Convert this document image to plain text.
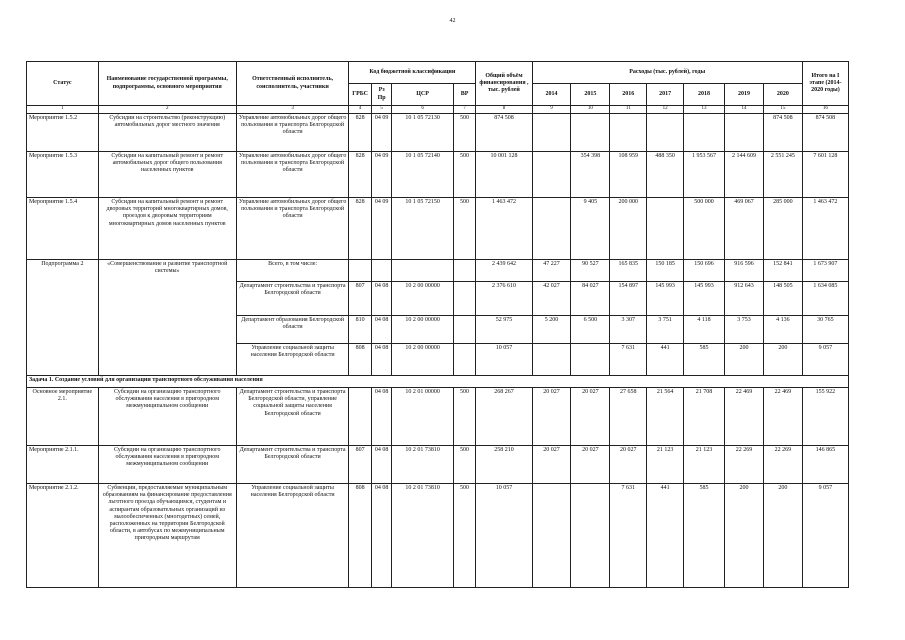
42
Статус	Наименование государственной программы, подпрограммы, основного мероприятия	Ответственный исполнитель, соисполнитель, участники	Код бюджетной классификации				Общий объём финансирования , тыс. рублей	Расходы (тыс. рублей), годы							Итого на I этапе (2014-2020 годы)
			ГРБС	Рз Пр	ЦСР	ВР		2014	2015	2016	2017	2018	2019	2020	
1	2	3	4	5	6	7	8	9	10	11	12	13	14	15	16
Мероприятие 1.5.2	Субсидии на строительство (реконструкцию) автомобильных дорог местного значения	Управление автомобильных дорог общего пользования и транспорта Белгородской области	828	04 09	10 1 05 72130	500	874 508							874 508	874 508
Мероприятие 1.5.3	Субсидии на капитальный ремонт и ремонт автомобильных дорог общего пользования населенных пунктов	Управление автомобильных дорог общего пользования и транспорта Белгородской области	828	04 09	10 1 05 72140	500	10 001 128		354 398	108 959	488 350	1 953 567	2 144 609	2 551 245	7 601 128
Мероприятие 1.5.4	Субсидии на капитальный ремонт и ремонт дворовых территорий многоквартирных домов, проездов к дворовым территориям многоквартирных домов населенных пунктов	Управление автомобильных дорог общего пользования и транспорта Белгородской области	828	04 09	10 1 05 72150	500	1 463 472		9 405	200 000		500 000	469 067	285 000	1 463 472
Подпрограмма 2	«Совершенствование и развитие транспортной системы»	Всего, в том числе:					2 439 642	47 227	90 527	165 835	150 185	150 696	916 596	152 841	1 673 907
		Департамент строительства и транспорта Белгородской области	807	04 08	10 2 00 00000		2 376 610	42 027	84 027	154 897	145 993	145 993	912 643	148 505	1 634 085
		Департамент образования Белгородской области	810	04 08	10 2 00 00000		52 975	5 200	6 500	3 307	3 751	4 118	3 753	4 136	30 765
		Управление социальной защиты населения Белгородской области	808	04 08	10 2 00 00000		10 057			7 631	441	585	200	200	9 057
Задача 1. Создание условий для организации транспортного обслуживания населения															
Основное мероприятие 2.1.	Субсидии на организацию транспортного обслуживания населения в пригородном межмуниципальном сообщении	Департамент строительства и транспорта Белгородской области, управление социальной защиты населения Белгородской области		04 08	10 2 01 00000	500	268 267	20 027	20 027	27 658	21 564	21 708	22 469	22 469	155 922
Мероприятие 2.1.1.	Субсидии на организацию транспортного обслуживания населения в пригородном межмуниципальном сообщении	Департамент строительства и транспорта Белгородской области	807	04 08	10 2 01 73810	500	258 210	20 027	20 027	20 027	21 123	21 123	22 269	22 269	146 865
Мероприятие 2.1.2.	Субвенции, предоставляемые муниципальным образованиям на финансирование предоставления льготного проезда обучающимся, студентам и аспирантам образовательных организаций из малообеспеченных (многодетных) семей, расположенных на территории Белгородской области, в автобусах по межмуниципальным пригородным маршрутам	Управление социальной защиты населения Белгородской области	808	04 08	10 2 01 73810	500	10 057			7 631	441	585	200	200	9 057
